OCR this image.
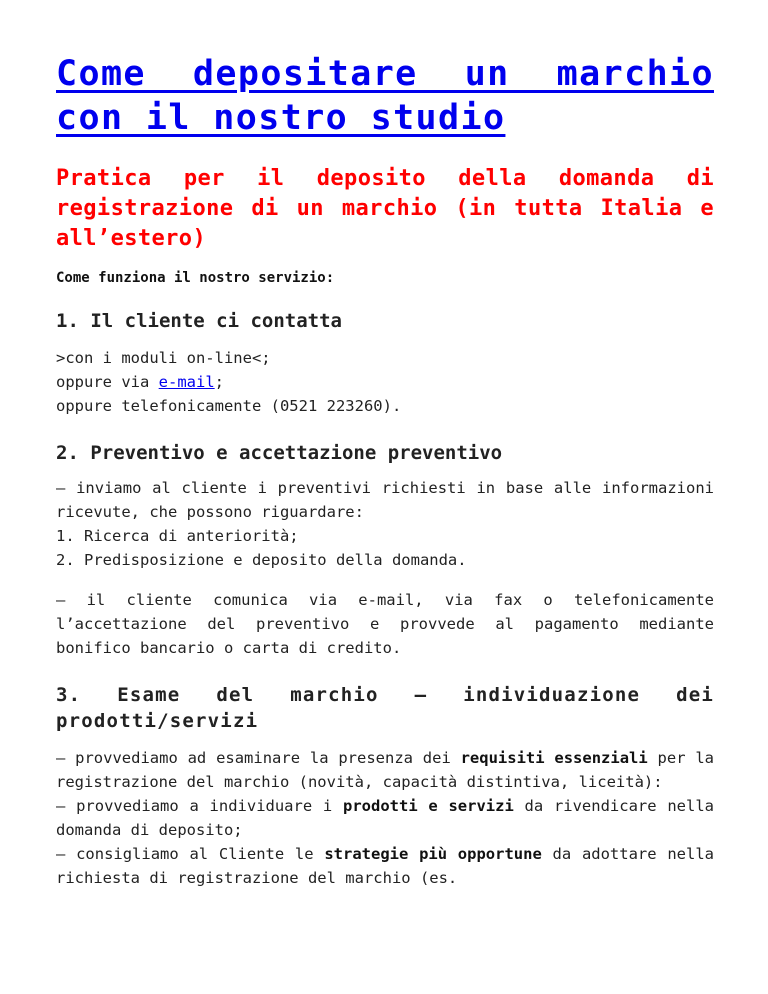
Come depositare un marchio con il nostro studio
Pratica per il deposito della domanda di registrazione di un marchio (in tutta Italia e all’estero)
Come funziona il nostro servizio:
1. Il cliente ci contatta

>con i moduli on-line<;
oppure via e-mail;
oppure telefonicamente (0521 223260).

2. Preventivo e accettazione preventivo

– inviamo al cliente i preventivi richiesti in base alle informazioni ricevute, che possono riguardare:
1. Ricerca di anteriorità;
2. Predisposizione e deposito della domanda.

– il cliente comunica via e-mail, via fax o telefonicamente l’accettazione del preventivo e provvede al pagamento mediante bonifico bancario o carta di credito.

3. Esame del marchio – individuazione dei prodotti/servizi

– provvediamo ad esaminare la presenza dei requisiti essenziali per la registrazione del marchio (novità, capacità distintiva, liceità):
– provvediamo a individuare i prodotti e servizi da rivendicare nella domanda di deposito;
– consigliamo al Cliente le strategie più opportune da adottare nella richiesta di registrazione del marchio (es.
